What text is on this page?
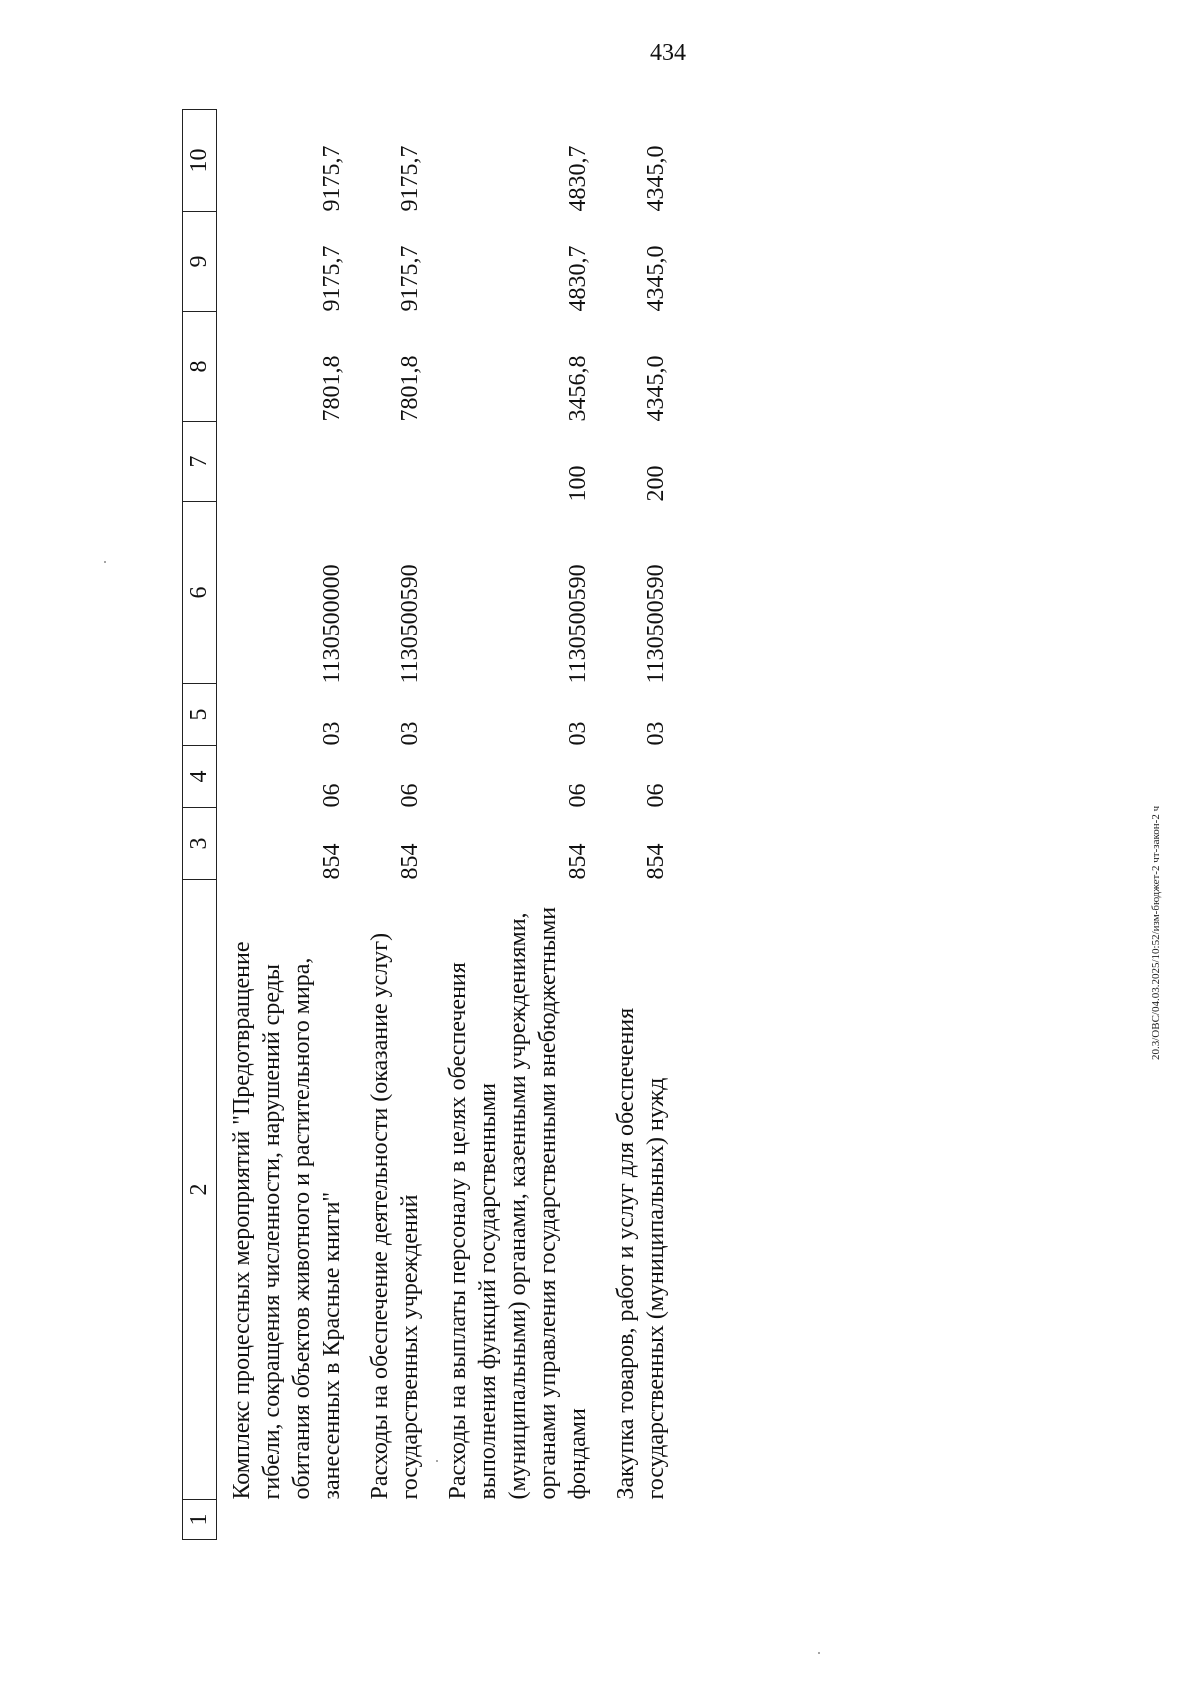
434
1	2	3	4	5	6	7	8	9	10
	Комплекс процессных мероприятий "Предотвращение гибели, сокращения численности, нарушений среды обитания объектов животного и растительного мира, занесенных в Красные книги"	854	06	03	1130500000		7801,8	9175,7	9175,7
	Расходы на обеспечение деятельности (оказание услуг) государственных учреждений	854	06	03	1130500590		7801,8	9175,7	9175,7
	Расходы на выплаты персоналу в целях обеспечения выполнения функций государственными (муниципальными) органами, казенными учреждениями, органами управления государственными внебюджетными фондами	854	06	03	1130500590	100	3456,8	4830,7	4830,7
	Закупка товаров, работ и услуг для обеспечения государственных (муниципальных) нужд	854	06	03	1130500590	200	4345,0	4345,0	4345,0
20.3/ОВС/04.03.2025/10:52/изм-бюджет-2 чт-закон-2 ч
